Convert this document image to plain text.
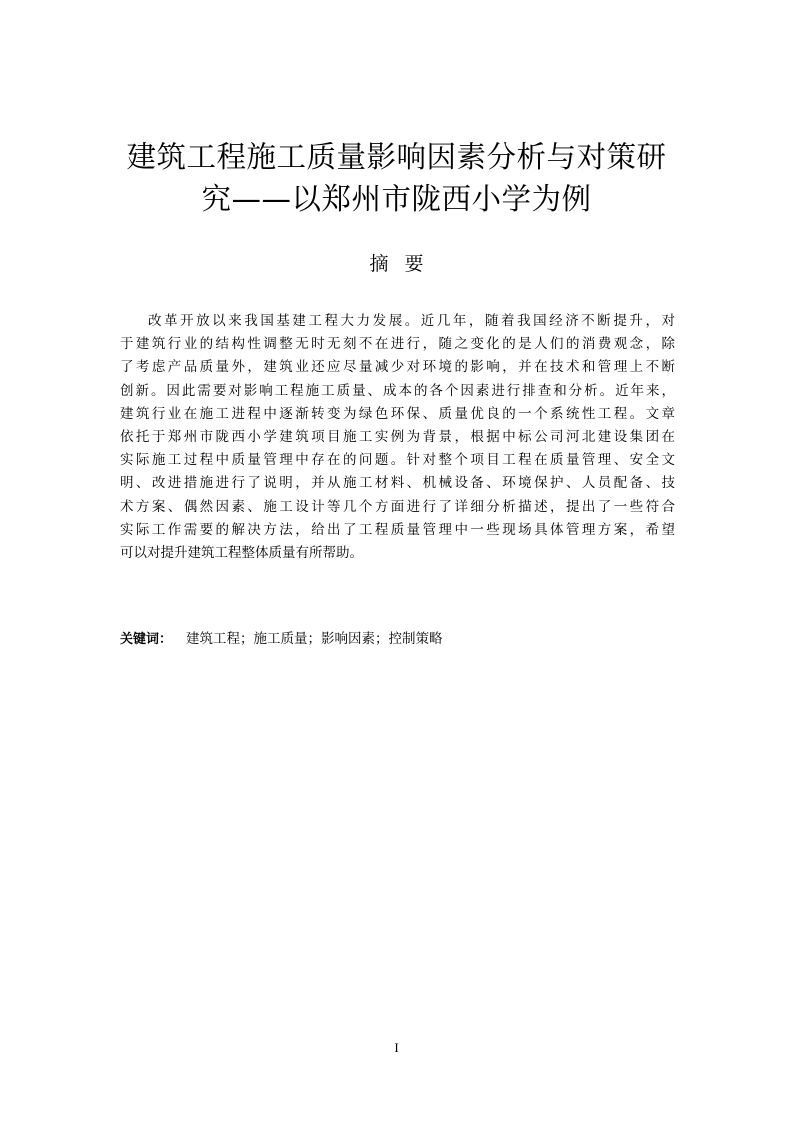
建筑工程施工质量影响因素分析与对策研
究——以郑州市陇西小学为例
摘要
改革开放以来我国基建工程大力发展。近几年，随着我国经济不断提升，对
于建筑行业的结构性调整无时无刻不在进行，随之变化的是人们的消费观念，除
了考虑产品质量外，建筑业还应尽量减少对环境的影响，并在技术和管理上不断
创新。因此需要对影响工程施工质量、成本的各个因素进行排查和分析。近年来，
建筑行业在施工进程中逐渐转变为绿色环保、质量优良的一个系统性工程。文章
依托于郑州市陇西小学建筑项目施工实例为背景，根据中标公司河北建设集团在
实际施工过程中质量管理中存在的问题。针对整个项目工程在质量管理、安全文
明、改进措施进行了说明，并从施工材料、机械设备、环境保护、人员配备、技
术方案、偶然因素、施工设计等几个方面进行了详细分析描述，提出了一些符合
实际工作需要的解决方法，给出了工程质量管理中一些现场具体管理方案，希望
可以对提升建筑工程整体质量有所帮助。
关键词： 建筑工程；施工质量；影响因素；控制策略
I
